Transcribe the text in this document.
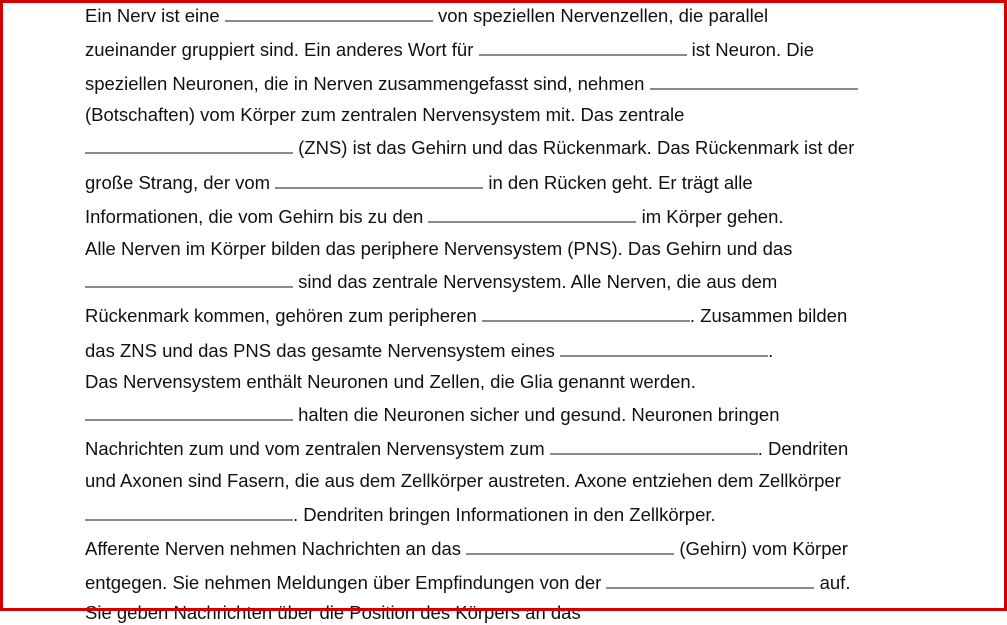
Ein Nerv ist eine	von speziellen Nervenzellen, die parallel
zueinander gruppiert sind. Ein anderes Wort für	ist Neuron. Die
speziellen Neuronen, die in Nerven zusammengefasst sind, nehmen
(Botschaften) vom Körper zum zentralen Nervensystem mit. Das zentrale
(ZNS) ist das Gehirn und das Rückenmark. Das Rückenmark ist der
große Strang, der vom	in den Rücken geht. Er trägt alle
Informationen, die vom Gehirn bis zu den	im Körper gehen.
Alle Nerven im Körper bilden das periphere Nervensystem (PNS). Das Gehirn und das
sind das zentrale Nervensystem. Alle Nerven, die aus dem
Rückenmark kommen, gehören zum peripheren	. Zusammen bilden
das ZNS und das PNS das gesamte Nervensystem eines	.
Das Nervensystem enthält Neuronen und Zellen, die Glia genannt werden.
halten die Neuronen sicher und gesund. Neuronen bringen
Nachrichten zum und vom zentralen Nervensystem zum	. Dendriten
und Axonen sind Fasern, die aus dem Zellkörper austreten. Axone entziehen dem Zellkörper
. Dendriten bringen Informationen in den Zellkörper.
Afferente Nerven nehmen Nachrichten an das	(Gehirn) vom Körper
entgegen. Sie nehmen Meldungen über Empfindungen von der	auf.
Sie geben Nachrichten über die Position des Körpers an das
